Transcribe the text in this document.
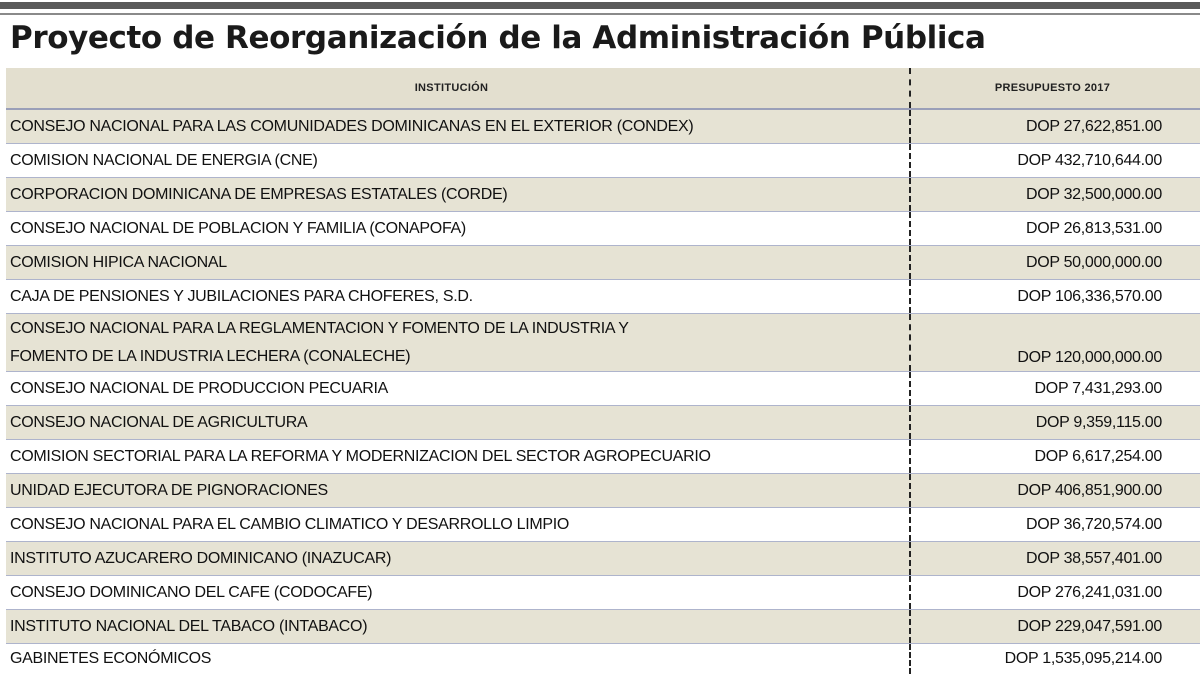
Proyecto de Reorganización de la Administración Pública
INSTITUCIÓN	PRESUPUESTO 2017
CONSEJO NACIONAL PARA LAS COMUNIDADES DOMINICANAS EN EL EXTERIOR (CONDEX)	DOP 27,622,851.00
COMISION NACIONAL DE ENERGIA (CNE)	DOP 432,710,644.00
CORPORACION DOMINICANA DE EMPRESAS ESTATALES (CORDE)	DOP 32,500,000.00
CONSEJO NACIONAL DE POBLACION Y FAMILIA (CONAPOFA)	DOP 26,813,531.00
COMISION HIPICA NACIONAL	DOP 50,000,000.00
CAJA DE PENSIONES Y JUBILACIONES PARA CHOFERES, S.D.	DOP 106,336,570.00
CONSEJO NACIONAL PARA LA REGLAMENTACION Y FOMENTO DE LA INDUSTRIA Y
FOMENTO DE LA INDUSTRIA LECHERA (CONALECHE)	DOP 120,000,000.00
CONSEJO NACIONAL DE PRODUCCION PECUARIA	DOP 7,431,293.00
CONSEJO NACIONAL DE AGRICULTURA	DOP 9,359,115.00
COMISION SECTORIAL PARA LA REFORMA Y MODERNIZACION DEL SECTOR AGROPECUARIO	DOP 6,617,254.00
UNIDAD EJECUTORA DE PIGNORACIONES	DOP 406,851,900.00
CONSEJO NACIONAL PARA EL CAMBIO CLIMATICO Y DESARROLLO LIMPIO	DOP 36,720,574.00
INSTITUTO AZUCARERO DOMINICANO (INAZUCAR)	DOP 38,557,401.00
CONSEJO DOMINICANO DEL CAFE (CODOCAFE)	DOP 276,241,031.00
INSTITUTO NACIONAL DEL TABACO (INTABACO)	DOP 229,047,591.00
GABINETES ECONÓMICOS	DOP 1,535,095,214.00
